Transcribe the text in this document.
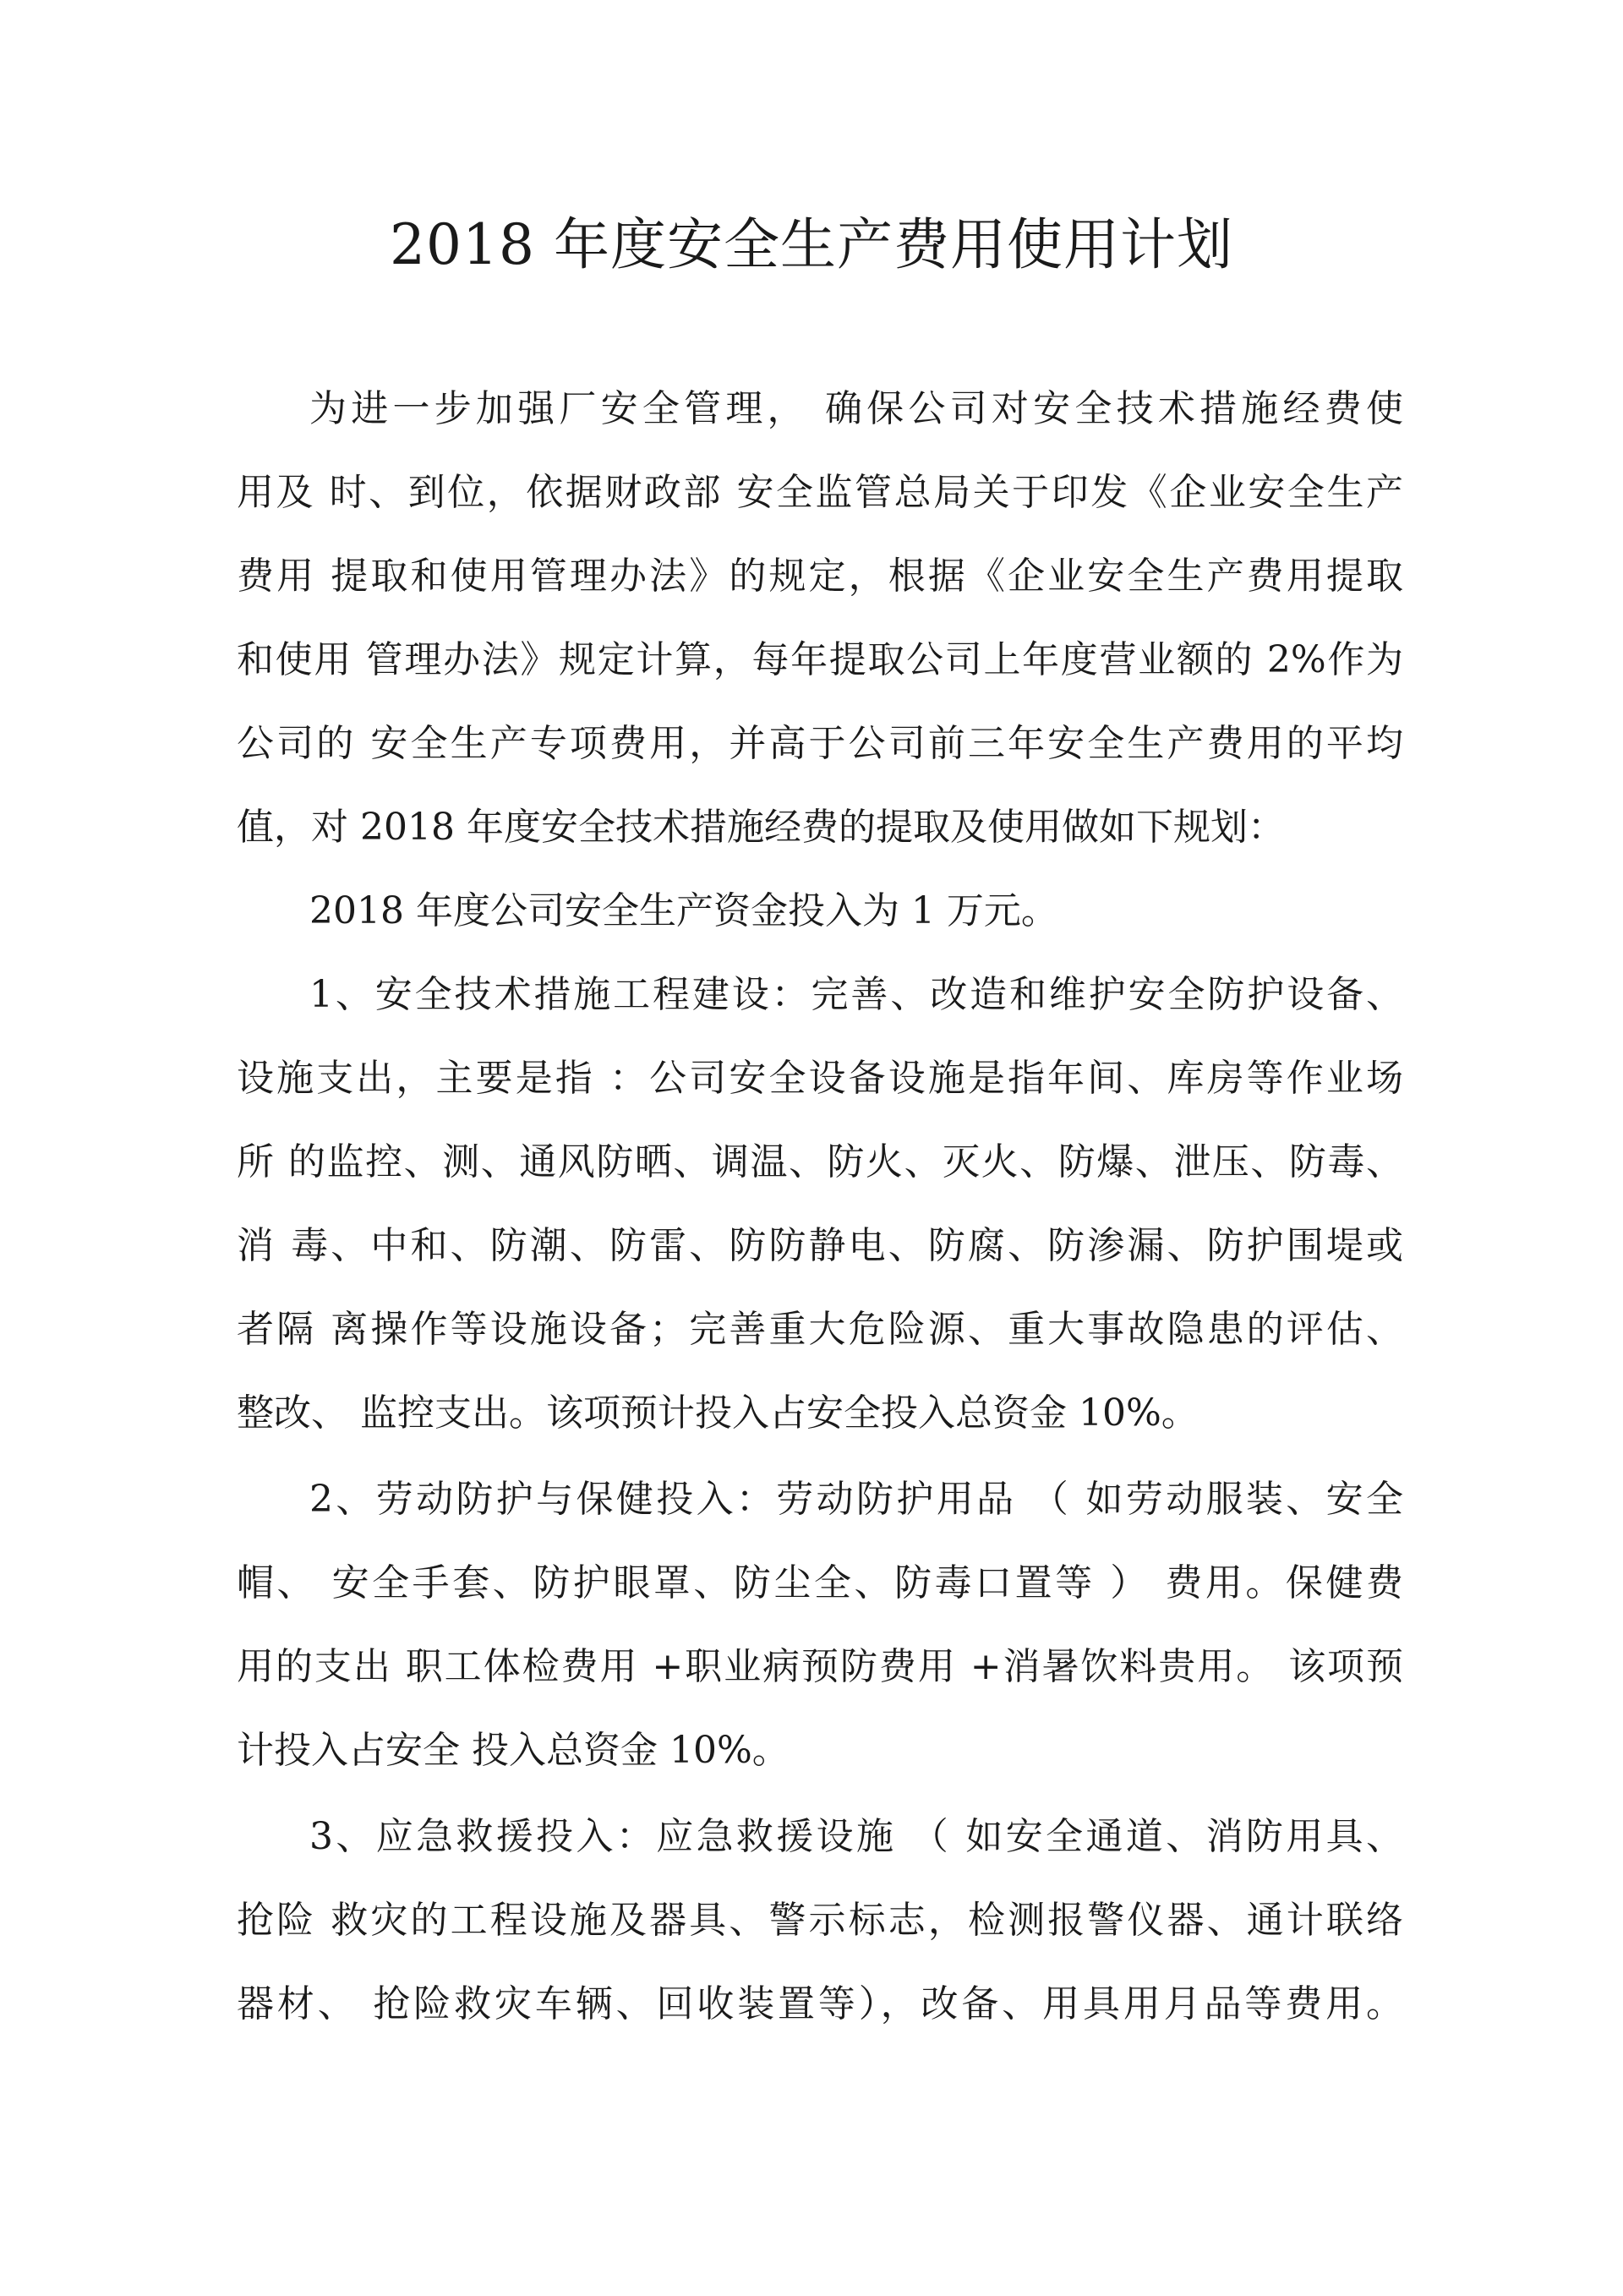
2018 年度安全生产费用使用计划
为进一步加强厂安全管理， 确保公司对安全技术措施经费使
用及 时、到位，依据财政部 安全监管总局关于印发《企业安全生产
费用 提取和使用管理办法》的规定，根据《企业安全生产费用提取
和使用 管理办法》规定计算，每年提取公司上年度营业额的 2%作为
公司的 安全生产专项费用，并高于公司前三年安全生产费用的平均
值，对 2018 年度安全技术措施经费的提取及使用做如下规划：
2018 年度公司安全生产资金投入为 1 万元。
1、安全技术措施工程建设：完善、改造和维护安全防护设备、
设施支出，主要是指 ：公司安全设备设施是指年间、库房等作业场
所 的监控、测、通风防晒、调温、防火、灭火、防爆、泄压、防毒、
消 毒、中和、防潮、防雷、防防静电、防腐、防渗漏、防护围堤或
者隔 离操作等设施设备；完善重大危险源、重大事故隐患的评估、
整改、 监控支出。该项预计投入占安全投入总资金 10%。
2、劳动防护与保健投入：劳动防护用品 （ 如劳动服装、安全
帽、 安全手套、防护眼罩、防尘全、防毒口置等 ） 费用。保健费
用的支出 职工体检费用 +职业病预防费用 +消暑饮料贵用。 该项预
计投入占安全 投入总资金 10%。
3、应急救援投入：应急救援设施 （ 如安全通道、消防用具、
抢险 救灾的工程设施及器具、警示标志，检测报警仪器、通计联络
器材、 抢险救灾车辆、回收装置等），改备、用具用月品等费用。
